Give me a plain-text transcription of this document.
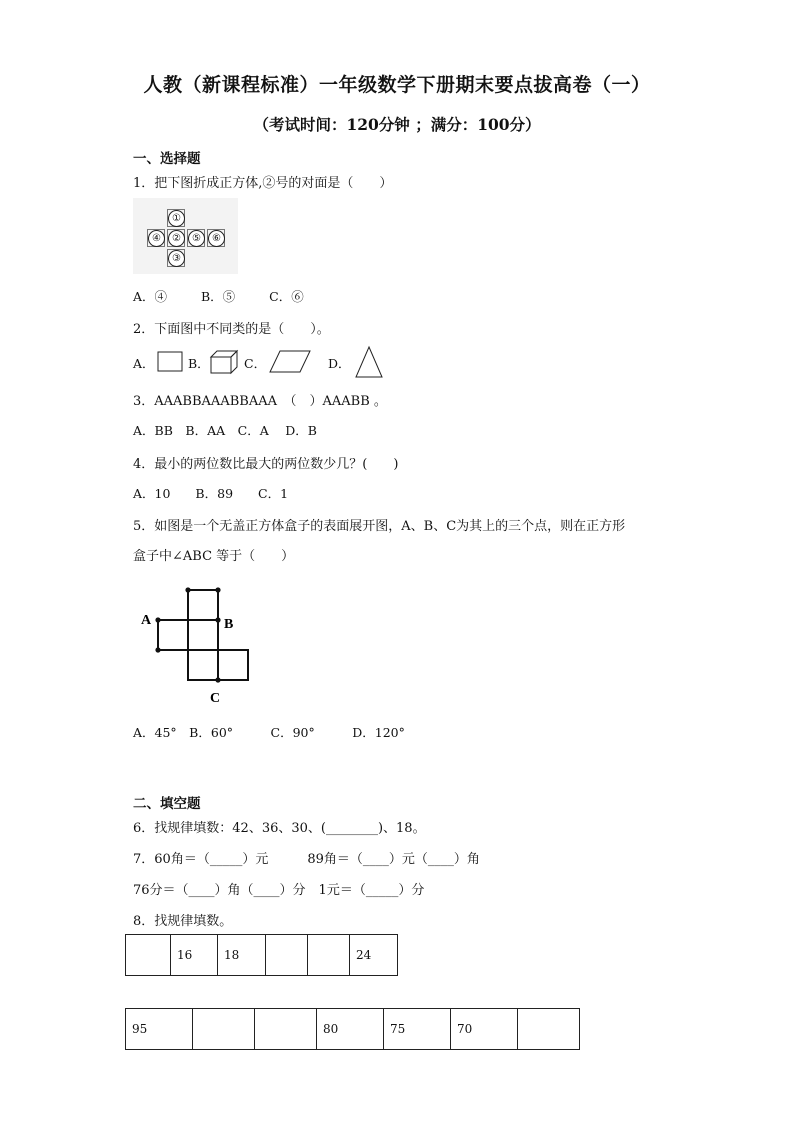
人教（新课程标准）一年级数学下册期末要点拔高卷（一）
（考试时间：120分钟 ；满分：100分）
一、选择题
1．把下图折成正方体,②号的对面是（　　）
①
④	②	⑤	⑥
③
A．④	B．⑤	C．⑥
2．下面图中不同类的是（　　）。
A．	B．	C．	D．
3．AAABBAAABBAAA　（　）AAABB 。
A．BB　B．AA　C．A　 D．B
4．最小的两位数比最大的两位数少几？(　　)
A．10　　B．89　　C．1
5．如图是一个无盖正方体盒子的表面展开图，A、B、C为其上的三个点，则在正方形
盒子中∠ABC 等于（　　）
A	B
C
A．45°　B．60°　　　C．90°　　　D．120°
二、填空题
6．找规律填数：42、36、30、(________)、18。
7．60角＝（_____）元　　　89角＝（____）元（____）角
76分＝（____）角（____）分　1元＝（_____）分
8．找规律填数。
	16	18			24
95			80	75	70	
